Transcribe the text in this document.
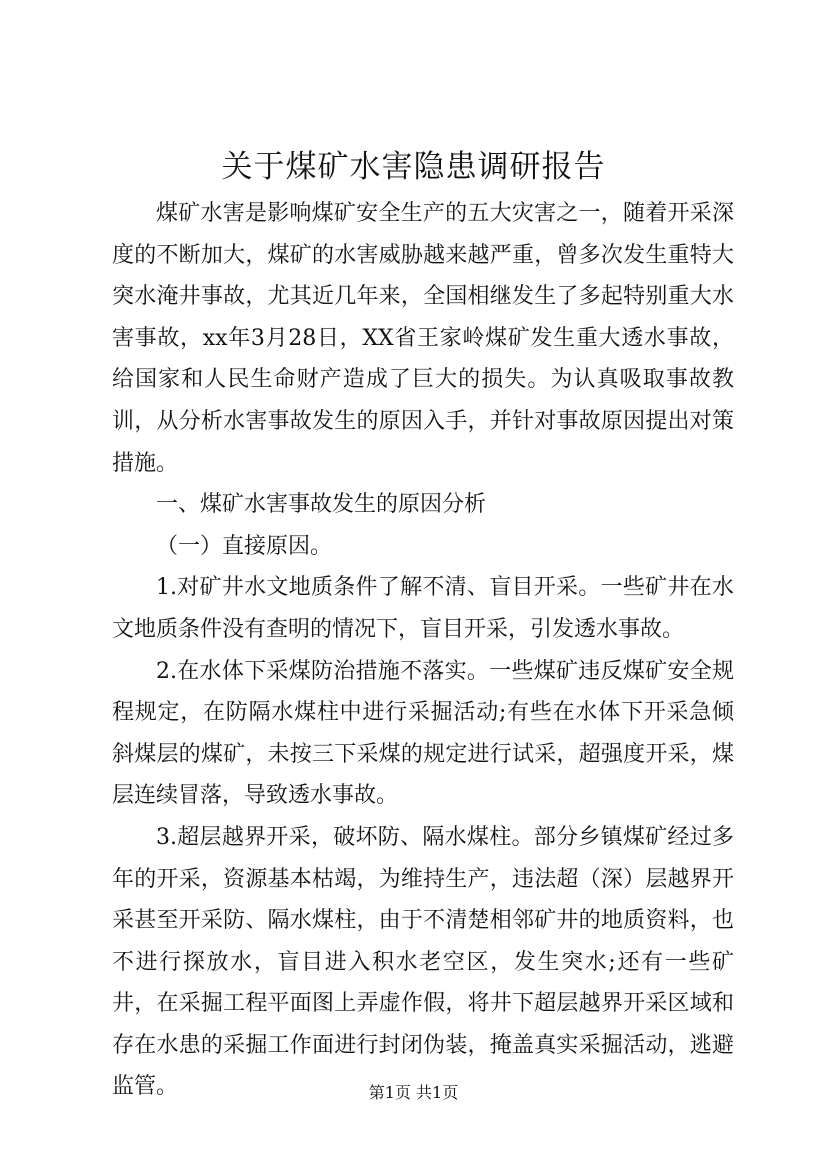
关于煤矿水害隐患调研报告

煤矿水害是影响煤矿安全生产的五大灾害之一，随着开采深度的不断加大，煤矿的水害威胁越来越严重，曾多次发生重特大突水淹井事故，尤其近几年来，全国相继发生了多起特别重大水害事故，xx年3月28日，XX省王家岭煤矿发生重大透水事故，给国家和人民生命财产造成了巨大的损失。为认真吸取事故教训，从分析水害事故发生的原因入手，并针对事故原因提出对策措施。

一、煤矿水害事故发生的原因分析

（一）直接原因。

1.对矿井水文地质条件了解不清、盲目开采。一些矿井在水文地质条件没有查明的情况下，盲目开采，引发透水事故。

2.在水体下采煤防治措施不落实。一些煤矿违反煤矿安全规程规定，在防隔水煤柱中进行采掘活动;有些在水体下开采急倾斜煤层的煤矿，未按三下采煤的规定进行试采，超强度开采，煤层连续冒落，导致透水事故。

3.超层越界开采，破坏防、隔水煤柱。部分乡镇煤矿经过多年的开采，资源基本枯竭，为维持生产，违法超（深）层越界开采甚至开采防、隔水煤柱，由于不清楚相邻矿井的地质资料，也不进行探放水，盲目进入积水老空区，发生突水;还有一些矿井，在采掘工程平面图上弄虚作假，将井下超层越界开采区域和存在水患的采掘工作面进行封闭伪装，掩盖真实采掘活动，逃避监管。	第1页 共1页
